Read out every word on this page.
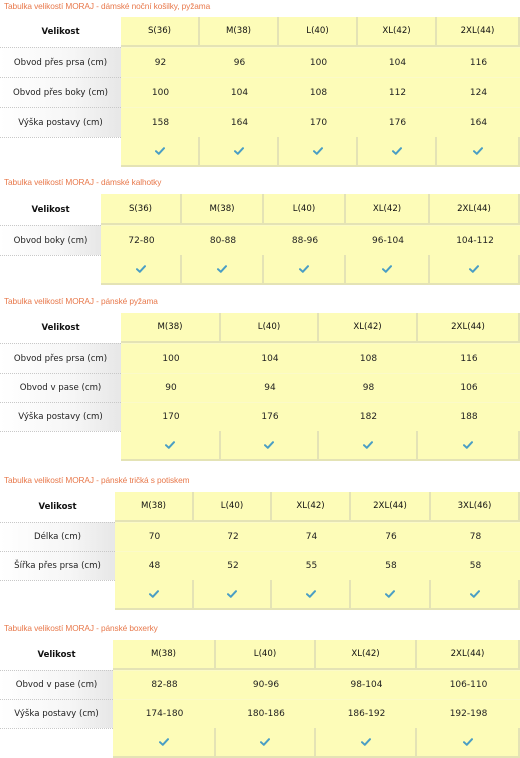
Tabulka velikostí MORAJ - dámské noční košilky, pyžama
Velikost	S(36)	M(38)	L(40)	XL(42)	2XL(44)
Obvod přes prsa (cm)	92	96	100	104	116
Obvod přes boky (cm)	100	104	108	112	124
Výška postavy (cm)	158	164	170	176	164

Tabulka velikostí MORAJ - dámské kalhotky
Velikost	S(36)	M(38)	L(40)	XL(42)	2XL(44)
Obvod boky (cm)	72-80	80-88	88-96	96-104	104-112

Tabulka velikostí MORAJ - pánské pyžama
Velikost	M(38)	L(40)	XL(42)	2XL(44)
Obvod přes prsa (cm)	100	104	108	116
Obvod v pase (cm)	90	94	98	106
Výška postavy (cm)	170	176	182	188

Tabulka velikostí MORAJ - pánské tričká s potiskem
Velikost	M(38)	L(40)	XL(42)	2XL(44)	3XL(46)	
Délka (cm)	70	72	74	76	78	
Šířka přes prsa (cm)	48	52	55	58	58	

Tabulka velikostí MORAJ - pánské boxerky
Velikost	M(38)	L(40)	XL(42)	2XL(44)
Obvod v pase (cm)	82-88	90-96	98-104	106-110
Výška postavy (cm)	174-180	180-186	186-192	192-198
